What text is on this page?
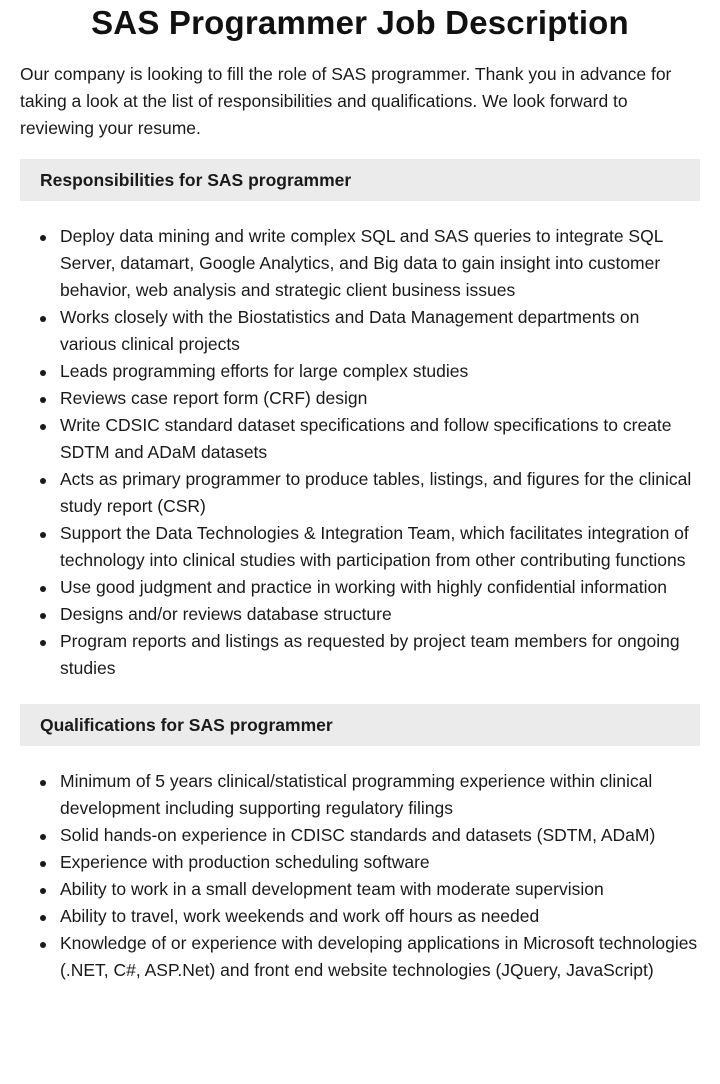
SAS Programmer Job Description

Our company is looking to fill the role of SAS programmer. Thank you in advance for taking a look at the list of responsibilities and qualifications. We look forward to reviewing your resume.

Responsibilities for SAS programmer
Deploy data mining and write complex SQL and SAS queries to integrate SQL Server, datamart, Google Analytics, and Big data to gain insight into customer behavior, web analysis and strategic client business issues
Works closely with the Biostatistics and Data Management departments on various clinical projects
Leads programming efforts for large complex studies
Reviews case report form (CRF) design
Write CDSIC standard dataset specifications and follow specifications to create SDTM and ADaM datasets
Acts as primary programmer to produce tables, listings, and figures for the clinical study report (CSR)
Support the Data Technologies & Integration Team, which facilitates integration of technology into clinical studies with participation from other contributing functions
Use good judgment and practice in working with highly confidential information
Designs and/or reviews database structure
Program reports and listings as requested by project team members for ongoing studies
Qualifications for SAS programmer
Minimum of 5 years clinical/statistical programming experience within clinical development including supporting regulatory filings
Solid hands-on experience in CDISC standards and datasets (SDTM, ADaM)
Experience with production scheduling software
Ability to work in a small development team with moderate supervision
Ability to travel, work weekends and work off hours as needed
Knowledge of or experience with developing applications in Microsoft technologies (.NET, C#, ASP.Net) and front end website technologies (JQuery, JavaScript)
